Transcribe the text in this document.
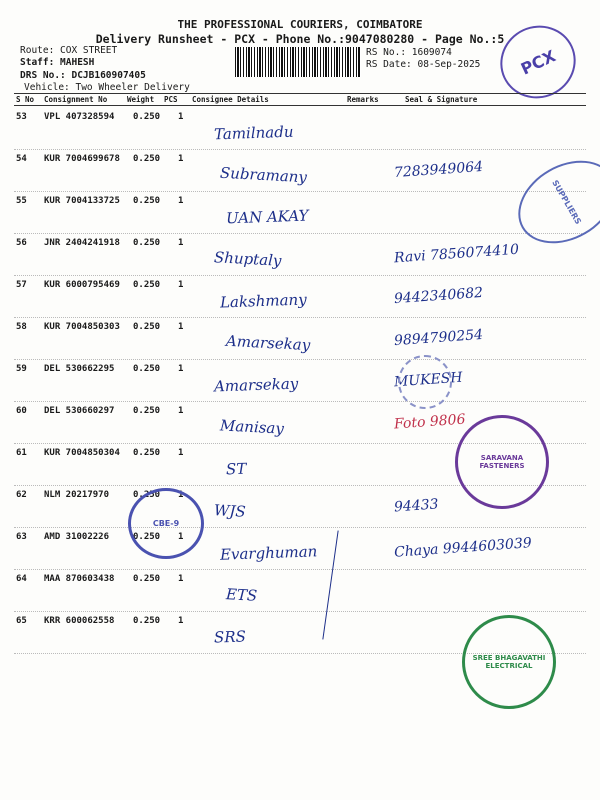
THE PROFESSIONAL COURIERS, COIMBATORE
Delivery Runsheet - PCX - Phone No.:9047080280 - Page No.:5
Route: COX STREET
Staff: MAHESH
DRS No.: DCJB160907405
Vehicle: Two Wheeler Delivery
RS No.: 1609074
RS Date: 08-Sep-2025 PCX
S No Consignment No	Weight PCS Consignee Details	Remarks	Seal & Signature
53 VPL 407328594 0.250 1
Tamilnadu
54 KUR 7004699678 0.250 1
Subramany	7283949064
55 KUR 7004133725 0.250 1
UAN AKAY
56 JNR 2404241918 0.250 1
Shuptaly	Ravi 7856074410
57 KUR 6000795469 0.250 1
Lakshmany	9442340682
58 KUR 7004850303 0.250 1
Amarsekay	9894790254
59 DEL 530662295 0.250 1
Amarsekay	MUKESH
60 DEL 530660297 0.250 1
Manisay	Foto 9806
61 KUR 7004850304 0.250 1
ST
62 NLM 20217970	0.250 1
WJS	94433
63 AMD 31002226	0.250 1
Evarghuman	Chaya 9944603039
64 MAA 870603438 0.250 1
ETS
65 KRR 600062558 0.250 1
SRS
SUPPLIERS
SARAVANA FASTENERS
CBE-9
SREE BHAGAVATHI ELECTRICAL
